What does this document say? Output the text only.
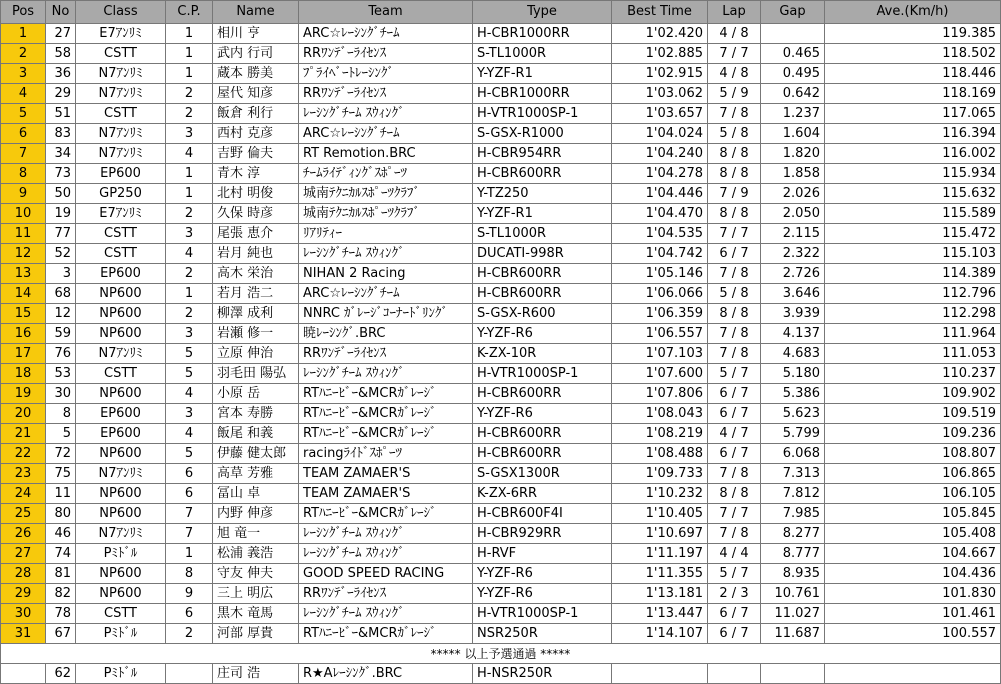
Pos	No	Class	C.P.	Name	Team	Type	Best Time	Lap	Gap	Ave.(Km/h)
1	27	E7ｱﾝﾘﾐ	1	相川 亨	ARC☆ﾚｰｼﾝｸﾞﾁｰﾑ	H-CBR1000RR	1'02.420	4 / 8		119.385
2	58	CSTT	1	武内 行司	RRﾜﾝﾃﾞｰﾗｲｾﾝｽ	S-TL1000R	1'02.885	7 / 7	0.465	118.502
3	36	N7ｱﾝﾘﾐ	1	蔵本 勝美	ﾌﾟﾗｲﾍﾞｰﾄﾚｰｼﾝｸﾞ	Y-YZF-R1	1'02.915	4 / 8	0.495	118.446
4	29	N7ｱﾝﾘﾐ	2	屋代 知彦	RRﾜﾝﾃﾞｰﾗｲｾﾝｽ	H-CBR1000RR	1'03.062	5 / 9	0.642	118.169
5	51	CSTT	2	飯倉 利行	ﾚｰｼﾝｸﾞﾁｰﾑ ｽｳｨﾝｸﾞ	H-VTR1000SP-1	1'03.657	7 / 8	1.237	117.065
6	83	N7ｱﾝﾘﾐ	3	西村 克彦	ARC☆ﾚｰｼﾝｸﾞﾁｰﾑ	S-GSX-R1000	1'04.024	5 / 8	1.604	116.394
7	34	N7ｱﾝﾘﾐ	4	吉野 倫夫	RT Remotion.BRC	H-CBR954RR	1'04.240	8 / 8	1.820	116.002
8	73	EP600	1	青木 淳	ﾁｰﾑﾗｲﾃﾞｨﾝｸﾞｽﾎﾟｰﾂ	H-CBR600RR	1'04.278	8 / 8	1.858	115.934
9	50	GP250	1	北村 明俊	城南ﾃｸﾆｶﾙｽﾎﾟｰﾂｸﾗﾌﾞ	Y-TZ250	1'04.446	7 / 9	2.026	115.632
10	19	E7ｱﾝﾘﾐ	2	久保 時彦	城南ﾃｸﾆｶﾙｽﾎﾟｰﾂｸﾗﾌﾞ	Y-YZF-R1	1'04.470	8 / 8	2.050	115.589
11	77	CSTT	3	尾張 恵介	ﾘｱﾘﾃｨｰ	S-TL1000R	1'04.535	7 / 7	2.115	115.472
12	52	CSTT	4	岩月 純也	ﾚｰｼﾝｸﾞﾁｰﾑ ｽｳｨﾝｸﾞ	DUCATI-998R	1'04.742	6 / 7	2.322	115.103
13	3	EP600	2	高木 栄治	NIHAN 2 Racing	H-CBR600RR	1'05.146	7 / 8	2.726	114.389
14	68	NP600	1	若月 浩二	ARC☆ﾚｰｼﾝｸﾞﾁｰﾑ	H-CBR600RR	1'06.066	5 / 8	3.646	112.796
15	12	NP600	2	柳澤 成利	NNRC ｶﾞﾚｰｼﾞｺｰﾅｰﾄﾞﾘﾝｸﾞ	S-GSX-R600	1'06.359	8 / 8	3.939	112.298
16	59	NP600	3	岩瀬 修一	暁ﾚｰｼﾝｸﾞ.BRC	Y-YZF-R6	1'06.557	7 / 8	4.137	111.964
17	76	N7ｱﾝﾘﾐ	5	立原 伸治	RRﾜﾝﾃﾞｰﾗｲｾﾝｽ	K-ZX-10R	1'07.103	7 / 8	4.683	111.053
18	53	CSTT	5	羽毛田 陽弘	ﾚｰｼﾝｸﾞﾁｰﾑ ｽｳｨﾝｸﾞ	H-VTR1000SP-1	1'07.600	5 / 7	5.180	110.237
19	30	NP600	4	小原 岳	RTﾊﾆｰﾋﾞｰ&MCRｶﾞﾚｰｼﾞ	H-CBR600RR	1'07.806	6 / 7	5.386	109.902
20	8	EP600	3	宮本 寿勝	RTﾊﾆｰﾋﾞｰ&MCRｶﾞﾚｰｼﾞ	Y-YZF-R6	1'08.043	6 / 7	5.623	109.519
21	5	EP600	4	飯尾 和義	RTﾊﾆｰﾋﾞｰ&MCRｶﾞﾚｰｼﾞ	H-CBR600RR	1'08.219	4 / 7	5.799	109.236
22	72	NP600	5	伊藤 健太郎	racingﾗｲﾄﾞｽﾎﾟｰﾂ	H-CBR600RR	1'08.488	6 / 7	6.068	108.807
23	75	N7ｱﾝﾘﾐ	6	高草 芳雅	TEAM ZAMAER'S	S-GSX1300R	1'09.733	7 / 8	7.313	106.865
24	11	NP600	6	冨山 卓	TEAM ZAMAER'S	K-ZX-6RR	1'10.232	8 / 8	7.812	106.105
25	80	NP600	7	内野 伸彦	RTﾊﾆｰﾋﾞｰ&MCRｶﾞﾚｰｼﾞ	H-CBR600F4I	1'10.405	7 / 7	7.985	105.845
26	46	N7ｱﾝﾘﾐ	7	旭 竜一	ﾚｰｼﾝｸﾞﾁｰﾑ ｽｳｨﾝｸﾞ	H-CBR929RR	1'10.697	7 / 8	8.277	105.408
27	74	Pﾐﾄﾞﾙ	1	松浦 義浩	ﾚｰｼﾝｸﾞﾁｰﾑ ｽｳｨﾝｸﾞ	H-RVF	1'11.197	4 / 4	8.777	104.667
28	81	NP600	8	守友 伸夫	GOOD SPEED RACING	Y-YZF-R6	1'11.355	5 / 7	8.935	104.436
29	82	NP600	9	三上 明広	RRﾜﾝﾃﾞｰﾗｲｾﾝｽ	Y-YZF-R6	1'13.181	2 / 3	10.761	101.830
30	78	CSTT	6	黒木 竜馬	ﾚｰｼﾝｸﾞﾁｰﾑ ｽｳｨﾝｸﾞ	H-VTR1000SP-1	1'13.447	6 / 7	11.027	101.461
31	67	Pﾐﾄﾞﾙ	2	河部 厚貴	RTﾊﾆｰﾋﾞｰ&MCRｶﾞﾚｰｼﾞ	NSR250R	1'14.107	6 / 7	11.687	100.557
***** 以上予選通過 *****										
	62	Pﾐﾄﾞﾙ		庄司 浩	R★Aﾚｰｼﾝｸﾞ.BRC	H-NSR250R				
